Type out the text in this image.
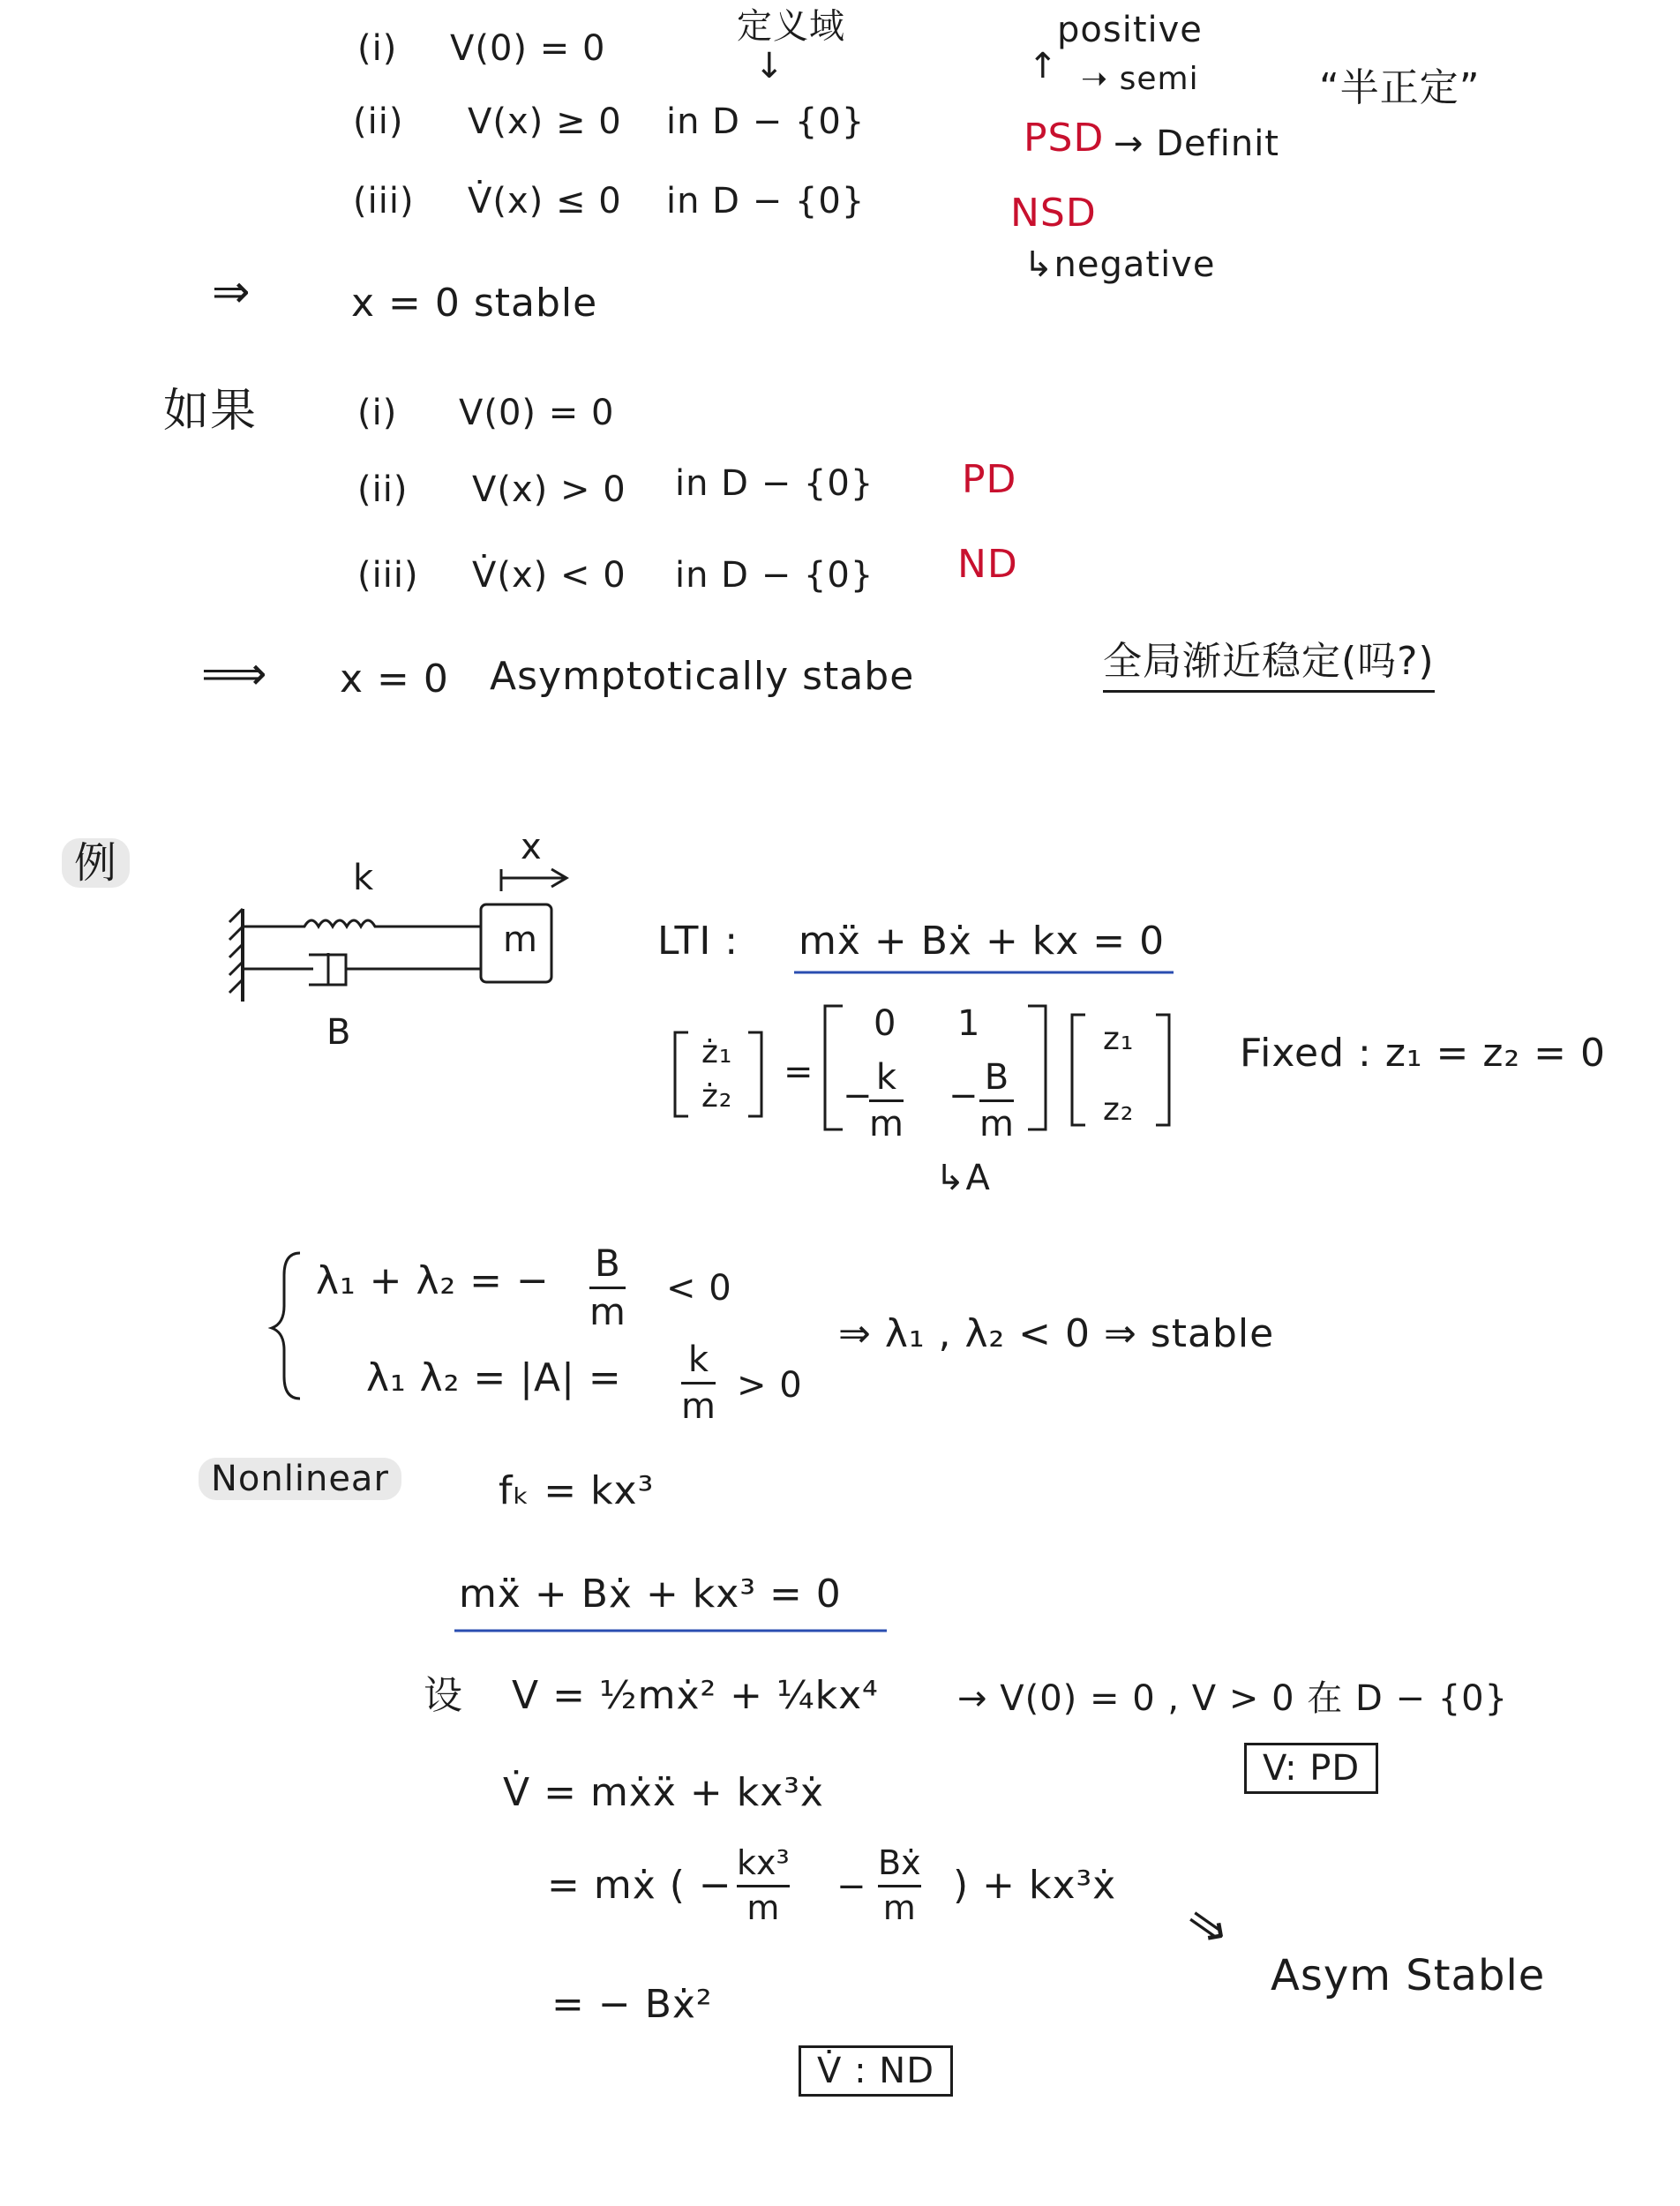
定义域
↓
(i) V(0) = 0
(ii) V(x) ≥ 0 in D − {0}
(iii) V̇(x) ≤ 0 in D − {0}
⇒	x = 0 stable
positive
↑ ➝ semi
PSD → Definit
“半正定”
NSD
↳negative
如果	(i) V(0) = 0
(ii) V(x) > 0 in D − {0} PD
(iii) V̇(x) < 0 in D − {0} ND
⟹ x = 0 Asymptotically stabe	全局渐近稳定(吗?)
例	k
m
B
x
LTI : mẍ + Bẋ + kx = 0
ż₁
ż₂
=
0 1
− k
m
− B
m
z₁
z₂
↳A
Fixed : z₁ = z₂ = 0
λ₁ + λ₂ = − B
m
< 0
λ₁ λ₂ = |A| = k
m
> 0
⇒ λ₁ , λ₂ < 0 ⇒ stable
Nonlinear	fₖ = kx³
mẍ + Bẋ + kx³ = 0
设 V = ½mẋ² + ¼kx⁴ → V(0) = 0 , V > 0 在 D − {0}
V: PD
V̇ = mẋẍ + kx³ẋ
= mẋ ( − kx³
m
−
Bẋ
m ) + kx³ẋ
= − Bẋ²
V̇ : ND
⇒
Asym Stable
